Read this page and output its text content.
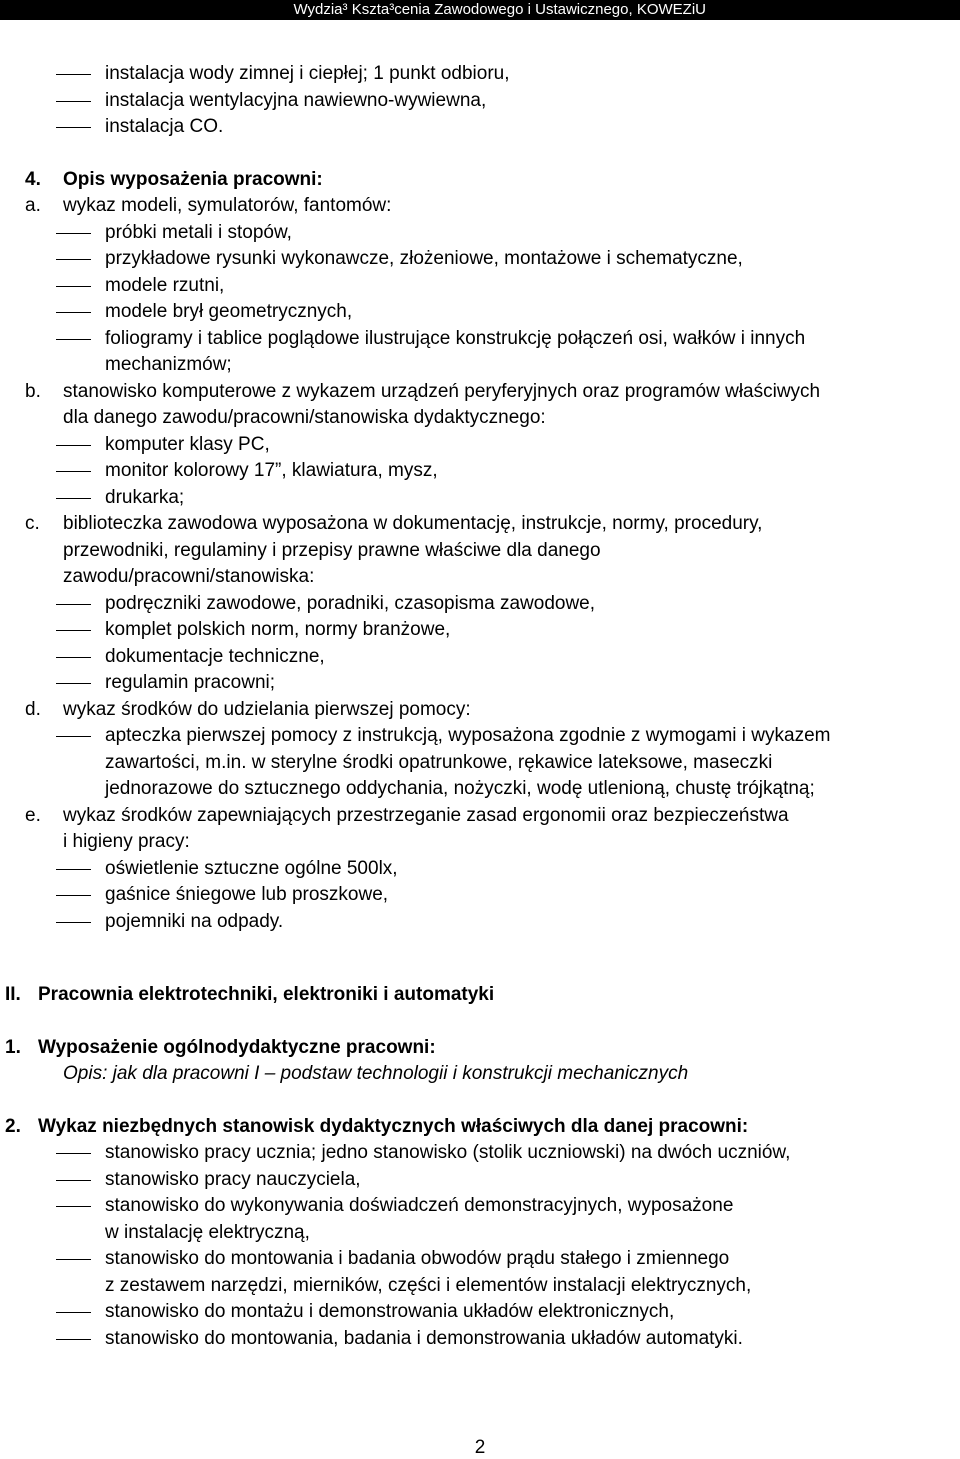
Wydzia³ Kszta³cenia Zawodowego i Ustawicznego, KOWEZiU
instalacja wody zimnej i ciepłej; 1 punkt odbioru,
instalacja wentylacyjna nawiewno-wywiewna,
instalacja CO.
4. Opis wyposażenia pracowni:
a. wykaz modeli, symulatorów, fantomów:
próbki metali i stopów,
przykładowe rysunki wykonawcze, złożeniowe, montażowe i schematyczne,
modele rzutni,
modele brył geometrycznych,
foliogramy i tablice poglądowe ilustrujące konstrukcję połączeń osi, wałków i innych
mechanizmów;
b. stanowisko komputerowe z wykazem urządzeń peryferyjnych oraz programów właściwych
dla danego zawodu/pracowni/stanowiska dydaktycznego:
komputer klasy PC,
monitor kolorowy 17”, klawiatura, mysz,
drukarka;
c. biblioteczka zawodowa wyposażona w dokumentację, instrukcje, normy, procedury,
przewodniki, regulaminy i przepisy prawne właściwe dla danego
zawodu/pracowni/stanowiska:
podręczniki zawodowe, poradniki, czasopisma zawodowe,
komplet polskich norm, normy branżowe,
dokumentacje techniczne,
regulamin pracowni;
d. wykaz środków do udzielania pierwszej pomocy:
apteczka pierwszej pomocy z instrukcją, wyposażona zgodnie z wymogami i wykazem
zawartości, m.in. w sterylne środki opatrunkowe, rękawice lateksowe, maseczki
jednorazowe do sztucznego oddychania, nożyczki, wodę utlenioną, chustę trójkątną;
e. wykaz środków zapewniających przestrzeganie zasad ergonomii oraz bezpieczeństwa
i higieny pracy:
oświetlenie sztuczne ogólne 500lx,
gaśnice śniegowe lub proszkowe,
pojemniki na odpady.
II. Pracownia elektrotechniki, elektroniki i automatyki
1. Wyposażenie ogólnodydaktyczne pracowni:
Opis: jak dla pracowni I – podstaw technologii i konstrukcji mechanicznych
2. Wykaz niezbędnych stanowisk dydaktycznych właściwych dla danej pracowni:
stanowisko pracy ucznia; jedno stanowisko (stolik uczniowski) na dwóch uczniów,
stanowisko pracy nauczyciela,
stanowisko do wykonywania doświadczeń demonstracyjnych, wyposażone
w instalację elektryczną,
stanowisko do montowania i badania obwodów prądu stałego i zmiennego
z zestawem narzędzi, mierników, części i elementów instalacji elektrycznych,
stanowisko do montażu i demonstrowania układów elektronicznych,
stanowisko do montowania, badania i demonstrowania układów automatyki.
2
